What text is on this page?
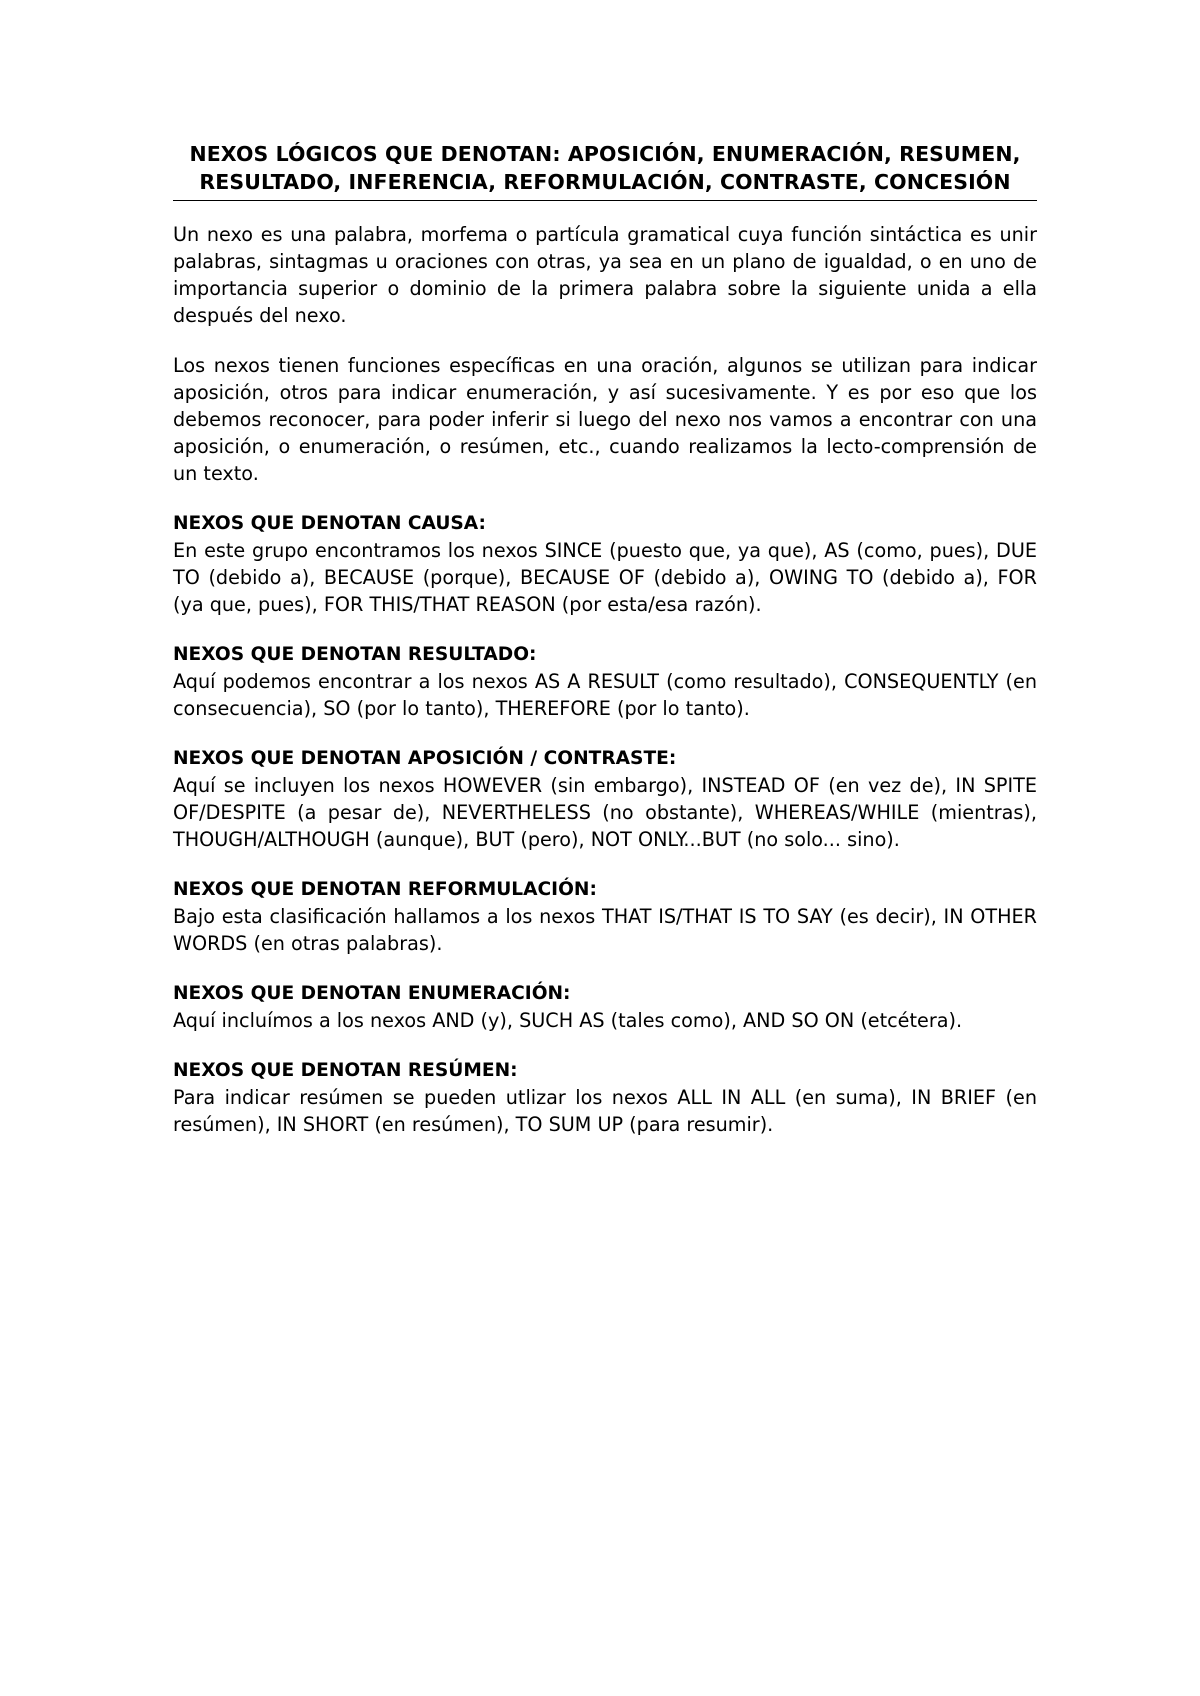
NEXOS LÓGICOS QUE DENOTAN: APOSICIÓN, ENUMERACIÓN, RESUMEN, RESULTADO, INFERENCIA, REFORMULACIÓN, CONTRASTE, CONCESIÓN

Un nexo es una palabra, morfema o partícula gramatical cuya función sintáctica es unir palabras, sintagmas u oraciones con otras, ya sea en un plano de igualdad, o en uno de importancia superior o dominio de la primera palabra sobre la siguiente unida a ella después del nexo.

Los nexos tienen funciones específicas en una oración, algunos se utilizan para indicar aposición, otros para indicar enumeración, y así sucesivamente. Y es por eso que los debemos reconocer, para poder inferir si luego del nexo nos vamos a encontrar con una aposición, o enumeración, o resúmen, etc., cuando realizamos la lecto-comprensión de un texto.

NEXOS QUE DENOTAN CAUSA:

En este grupo encontramos los nexos SINCE (puesto que, ya que), AS (como, pues), DUE TO (debido a), BECAUSE (porque), BECAUSE OF (debido a), OWING TO (debido a), FOR (ya que, pues), FOR THIS/THAT REASON (por esta/esa razón).

NEXOS QUE DENOTAN RESULTADO:

Aquí podemos encontrar a los nexos AS A RESULT (como resultado), CONSEQUENTLY (en consecuencia), SO (por lo tanto), THEREFORE (por lo tanto).

NEXOS QUE DENOTAN APOSICIÓN / CONTRASTE:

Aquí se incluyen los nexos HOWEVER (sin embargo), INSTEAD OF (en vez de), IN SPITE OF/DESPITE (a pesar de), NEVERTHELESS (no obstante), WHEREAS/WHILE (mientras), THOUGH/ALTHOUGH (aunque), BUT (pero), NOT ONLY...BUT (no solo... sino).

NEXOS QUE DENOTAN REFORMULACIÓN:

Bajo esta clasificación hallamos a los nexos THAT IS/THAT IS TO SAY (es decir), IN OTHER WORDS (en otras palabras).

NEXOS QUE DENOTAN ENUMERACIÓN:

Aquí incluímos a los nexos AND (y), SUCH AS (tales como), AND SO ON (etcétera).

NEXOS QUE DENOTAN RESÚMEN:

Para indicar resúmen se pueden utlizar los nexos ALL IN ALL (en suma), IN BRIEF (en resúmen), IN SHORT (en resúmen), TO SUM UP (para resumir).
